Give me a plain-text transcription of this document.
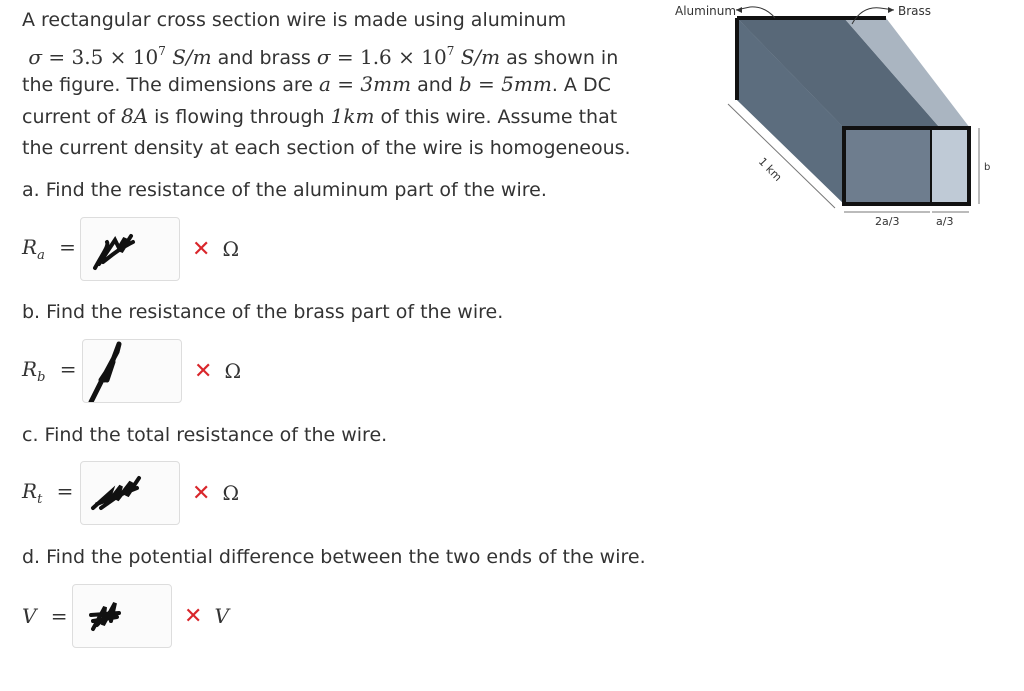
A rectangular cross section wire is made using aluminum
$\sigma = 3.5 \times 10^7$ S/m and brass $\sigma = 1.6 \times 10^7$ S/m as shown in
the figure. The dimensions are a = 3mm and b = 5mm. A DC
current of 8A is flowing through 1km of this wire. Assume that
the current density at each section of the wire is homogeneous.
a. Find the resistance of the aluminum part of the wire.
$R_a$ =	✕ Ω
b. Find the resistance of the brass part of the wire.
$R_b$ =	✕ Ω
c. Find the total resistance of the wire.
$R_t$ =	✕ Ω
d. Find the potential difference between the two ends of the wire.
V =	✕ V
Aluminum	Brass
1 km
2a/3	a/3
b
